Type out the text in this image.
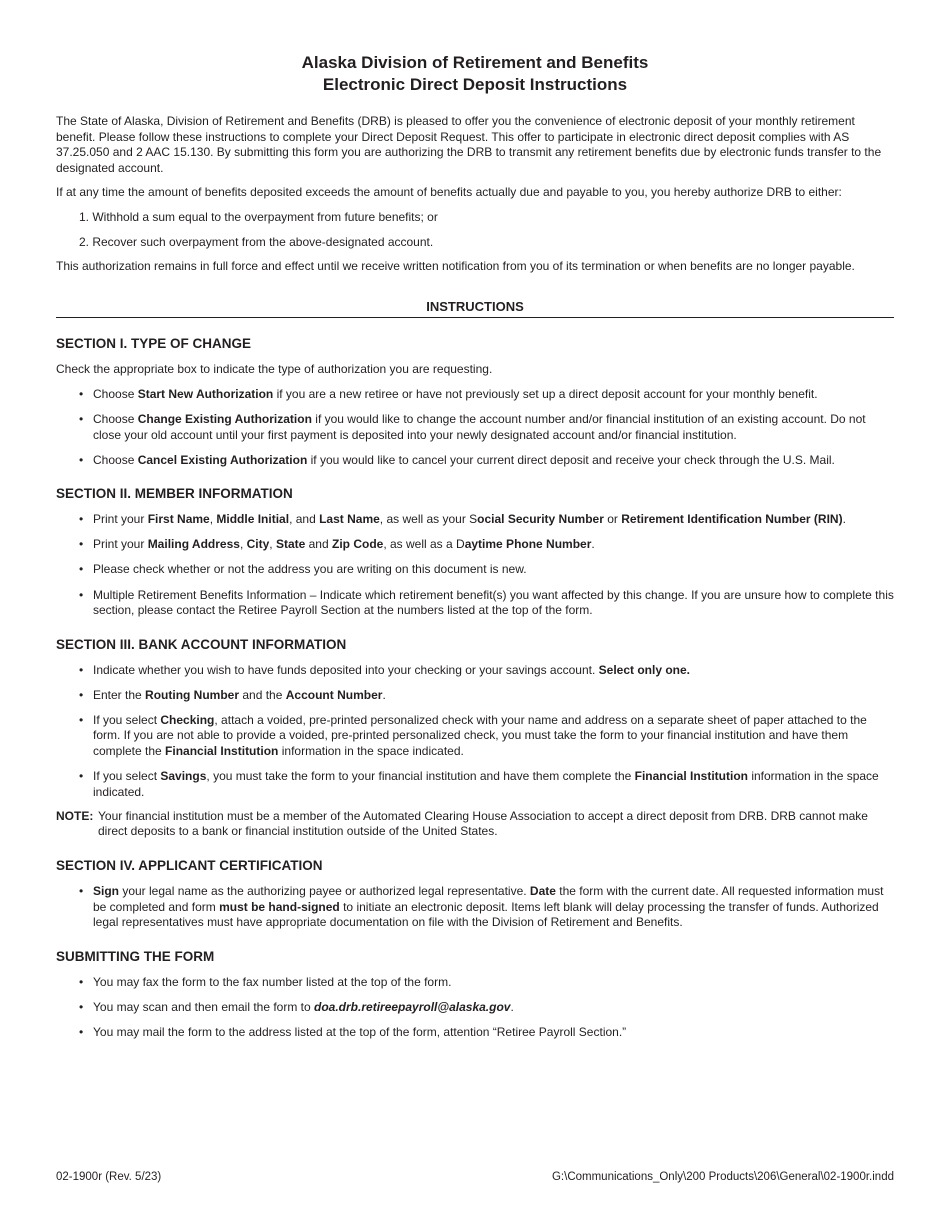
Alaska Division of Retirement and Benefits
Electronic Direct Deposit Instructions

The State of Alaska, Division of Retirement and Benefits (DRB) is pleased to offer you the convenience of electronic deposit of your monthly retirement benefit. Please follow these instructions to complete your Direct Deposit Request. This offer to participate in electronic direct deposit complies with AS 37.25.050 and 2 AAC 15.130. By submitting this form you are authorizing the DRB to transmit any retirement benefits due by electronic funds transfer to the designated account.

If at any time the amount of benefits deposited exceeds the amount of benefits actually due and payable to you, you hereby authorize DRB to either:

1. Withhold a sum equal to the overpayment from future benefits; or
2. Recover such overpayment from the above-designated account.

This authorization remains in full force and effect until we receive written notification from you of its termination or when benefits are no longer payable.

INSTRUCTIONS
SECTION I. TYPE OF CHANGE

Check the appropriate box to indicate the type of authorization you are requesting.

• Choose Start New Authorization if you are a new retiree or have not previously set up a direct deposit account for your monthly benefit.
• Choose Change Existing Authorization if you would like to change the account number and/or financial institution of an existing account. Do not close your old account until your first payment is deposited into your newly designated account and/or financial institution.
• Choose Cancel Existing Authorization if you would like to cancel your current direct deposit and receive your check through the U.S. Mail.
SECTION II. MEMBER INFORMATION
• Print your First Name, Middle Initial, and Last Name, as well as your Social Security Number or Retirement Identification Number (RIN).
• Print your Mailing Address, City, State and Zip Code, as well as a Daytime Phone Number.
• Please check whether or not the address you are writing on this document is new.
• Multiple Retirement Benefits Information – Indicate which retirement benefit(s) you want affected by this change. If you are unsure how to complete this section, please contact the Retiree Payroll Section at the numbers listed at the top of the form.
SECTION III. BANK ACCOUNT INFORMATION
• Indicate whether you wish to have funds deposited into your checking or your savings account. Select only one.
• Enter the Routing Number and the Account Number.
• If you select Checking, attach a voided, pre-printed personalized check with your name and address on a separate sheet of paper attached to the form. If you are not able to provide a voided, pre-printed personalized check, you must take the form to your financial institution and have them complete the Financial Institution information in the space indicated.
• If you select Savings, you must take the form to your financial institution and have them complete the Financial Institution information in the space indicated.
NOTE: Your financial institution must be a member of the Automated Clearing House Association to accept a direct deposit from DRB. DRB cannot make direct deposits to a bank or financial institution outside of the United States.
SECTION IV. APPLICANT CERTIFICATION
• Sign your legal name as the authorizing payee or authorized legal representative. Date the form with the current date. All requested information must be completed and form must be hand-signed to initiate an electronic deposit. Items left blank will delay processing the transfer of funds. Authorized legal representatives must have appropriate documentation on file with the Division of Retirement and Benefits.
SUBMITTING THE FORM
• You may fax the form to the fax number listed at the top of the form.
• You may scan and then email the form to doa.drb.retireepayroll@alaska.gov.
• You may mail the form to the address listed at the top of the form, attention “Retiree Payroll Section.”
02-1900r (Rev. 5/23)	G:\Communications_Only\200 Products\206\General\02-1900r.indd
